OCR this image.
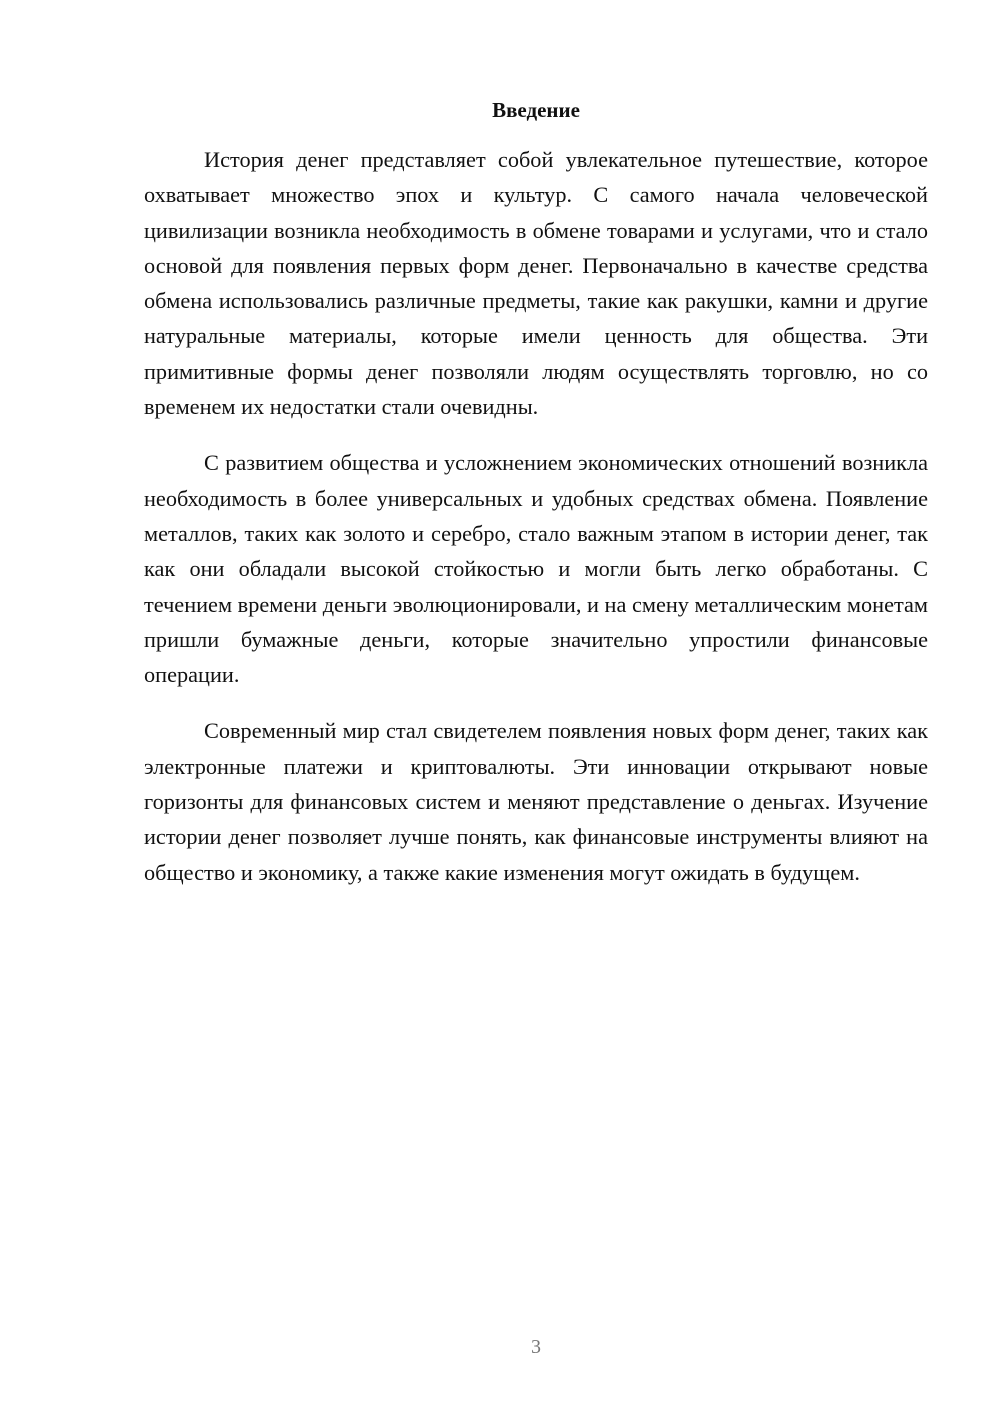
Введение

История денег представляет собой увлекательное путешествие, которое охватывает множество эпох и культур. С самого начала человеческой цивилизации возникла необходимость в обмене товарами и услугами, что и стало основой для появления первых форм денег. Первоначально в качестве средства обмена использовались различные предметы, такие как ракушки, камни и другие натуральные материалы, которые имели ценность для общества. Эти примитивные формы денег позволяли людям осуществлять торговлю, но со временем их недостатки стали очевидны.

С развитием общества и усложнением экономических отношений возникла необходимость в более универсальных и удобных средствах обмена. Появление металлов, таких как золото и серебро, стало важным этапом в истории денег, так как они обладали высокой стойкостью и могли быть легко обработаны. С течением времени деньги эволюционировали, и на смену металлическим монетам пришли бумажные деньги, которые значительно упростили финансовые операции.

Современный мир стал свидетелем появления новых форм денег, таких как электронные платежи и криптовалюты. Эти инновации открывают новые горизонты для финансовых систем и меняют представление о деньгах. Изучение истории денег позволяет лучше понять, как финансовые инструменты влияют на общество и экономику, а также какие изменения могут ожидать в будущем.

3
